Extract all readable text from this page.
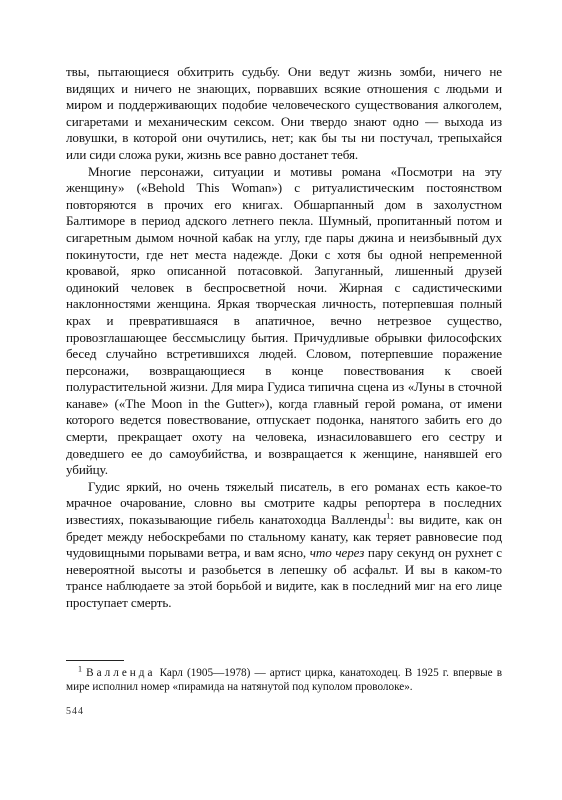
твы, пытающиеся обхитрить судьбу. Они ведут жизнь зомби, ничего не видящих и ничего не знающих, порвавших всякие отношения с людьми и миром и поддерживающих подобие человеческого существования алкоголем, сигаретами и механическим сексом. Они твердо знают одно — выхода из ловушки, в которой они очутились, нет; как бы ты ни постучал, трепыхайся или сиди сложа руки, жизнь все равно достанет тебя.

Многие персонажи, ситуации и мотивы романа «Посмотри на эту женщину» («Behold This Woman») с ритуалистическим постоянством повторяются в прочих его книгах. Обшарпанный дом в захолустном Балтиморе в период адского летнего пекла. Шумный, пропитанный потом и сигаретным дымом ночной кабак на углу, где пары джина и неизбывный дух покинутости, где нет места надежде. Доки с хотя бы одной непременной кровавой, ярко описанной потасовкой. Запуганный, лишенный друзей одинокий человек в беспросветной ночи. Жирная с садистическими наклонностями женщина. Яркая творческая личность, потерпевшая полный крах и превратившаяся в апатичное, вечно нетрезвое существо, провозглашающее бессмыслицу бытия. Причудливые обрывки философских бесед случайно встретившихся людей. Словом, потерпевшие поражение персонажи, возвращающиеся в конце повествования к своей полурастительной жизни. Для мира Гудиса типична сцена из «Луны в сточной канаве» («The Moon in the Gutter»), когда главный герой романа, от имени которого ведется повествование, отпускает подонка, нанятого забить его до смерти, прекращает охоту на человека, изнасиловавшего его сестру и доведшего ее до самоубийства, и возвращается к женщине, нанявшей его убийцу.

Гудис яркий, но очень тяжелый писатель, в его романах есть какое-то мрачное очарование, словно вы смотрите кадры репортера в последних известиях, показывающие гибель канатоходца Валленды$^1$: вы видите, как он бредет между небоскребами по стальному канату, как теряет равновесие под чудовищными порывами ветра, и вам ясно, что через пару секунд он рухнет с невероятной высоты и разобьется в лепешку об асфальт. И вы в каком-то трансе наблюдаете за этой борьбой и видите, как в последний миг на его лице проступает смерть.

$^1$ Валленда Карл (1905—1978) — артист цирка, канатоходец. В 1925 г. впервые в мире исполнил номер «пирамида на натянутой под куполом проволоке».

544
